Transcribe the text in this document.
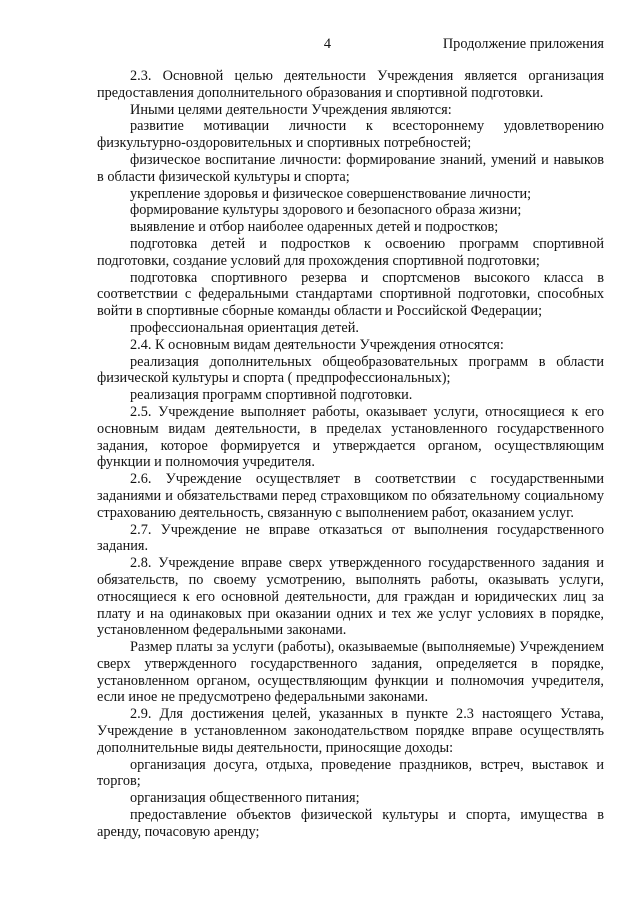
4	Продолжение приложения

2.3. Основной целью деятельности Учреждения является организация предоставления дополнительного образования и спортивной подготовки.

Иными целями деятельности Учреждения являются:

развитие мотивации личности к всестороннему удовлетворению физкультурно-оздоровительных и спортивных потребностей;

физическое воспитание личности: формирование знаний, умений и навыков в области физической культуры и спорта;

укрепление здоровья и физическое совершенствование личности;

формирование культуры здорового и безопасного образа жизни;

выявление и отбор наиболее одаренных детей и подростков;

подготовка детей и подростков к освоению программ спортивной подготовки, создание условий для прохождения спортивной подготовки;

подготовка спортивного резерва и спортсменов высокого класса в соответствии с федеральными стандартами спортивной подготовки, способных войти в спортивные сборные команды области и Российской Федерации;

профессиональная ориентация детей.

2.4. К основным видам деятельности Учреждения относятся:

реализация дополнительных общеобразовательных программ в области физической культуры и спорта ( предпрофессиональных);

реализация программ спортивной подготовки.

2.5. Учреждение выполняет работы, оказывает услуги, относящиеся к его основным видам деятельности, в пределах установленного государственного задания, которое формируется и утверждается органом, осуществляющим функции и полномочия учредителя.

2.6. Учреждение осуществляет в соответствии с государственными заданиями и обязательствами перед страховщиком по обязательному социальному страхованию деятельность, связанную с выполнением работ, оказанием услуг.

2.7. Учреждение не вправе отказаться от выполнения государственного задания.

2.8. Учреждение вправе сверх утвержденного государственного задания и обязательств, по своему усмотрению, выполнять работы, оказывать услуги, относящиеся к его основной деятельности, для граждан и юридических лиц за плату и на одинаковых при оказании одних и тех же услуг условиях в порядке, установленном федеральными законами.

Размер платы за услуги (работы), оказываемые (выполняемые) Учреждением сверх утвержденного государственного задания, определяется в порядке, установленном органом, осуществляющим функции и полномочия учредителя, если иное не предусмотрено федеральными законами.

2.9. Для достижения целей, указанных в пункте 2.3 настоящего Устава, Учреждение в установленном законодательством порядке вправе осуществлять дополнительные виды деятельности, приносящие доходы:

организация досуга, отдыха, проведение праздников, встреч, выставок и торгов;

организация общественного питания;

предоставление объектов физической культуры и спорта, имущества в аренду, почасовую аренду;
